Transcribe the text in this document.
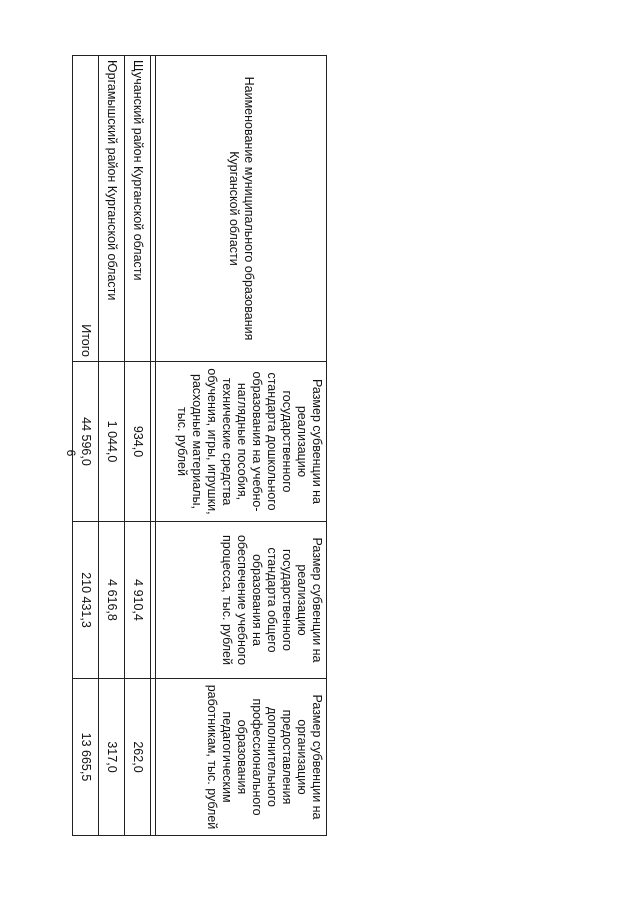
6
Наименование муниципального образования Курганской области	Размер субвенции на реализацию государственного стандарта дошкольного образования на учебно-наглядные пособия, технические средства обучения, игры, игрушки, расходные материалы, тыс. рублей	Размер субвенции на реализацию государственного стандарта общего образования на обеспечение учебного процесса, тыс. рублей	Размер субвенции на организацию предоставления дополнительного профессионального образования педагогическим работникам, тыс. рублей

Щучанский район Курганской области	934,0	4 910,4	262,0
Юргамышский район Курганской области	1 044,0	4 616,8	317,0
Итого	44 596,0	210 431,3	13 665,5
